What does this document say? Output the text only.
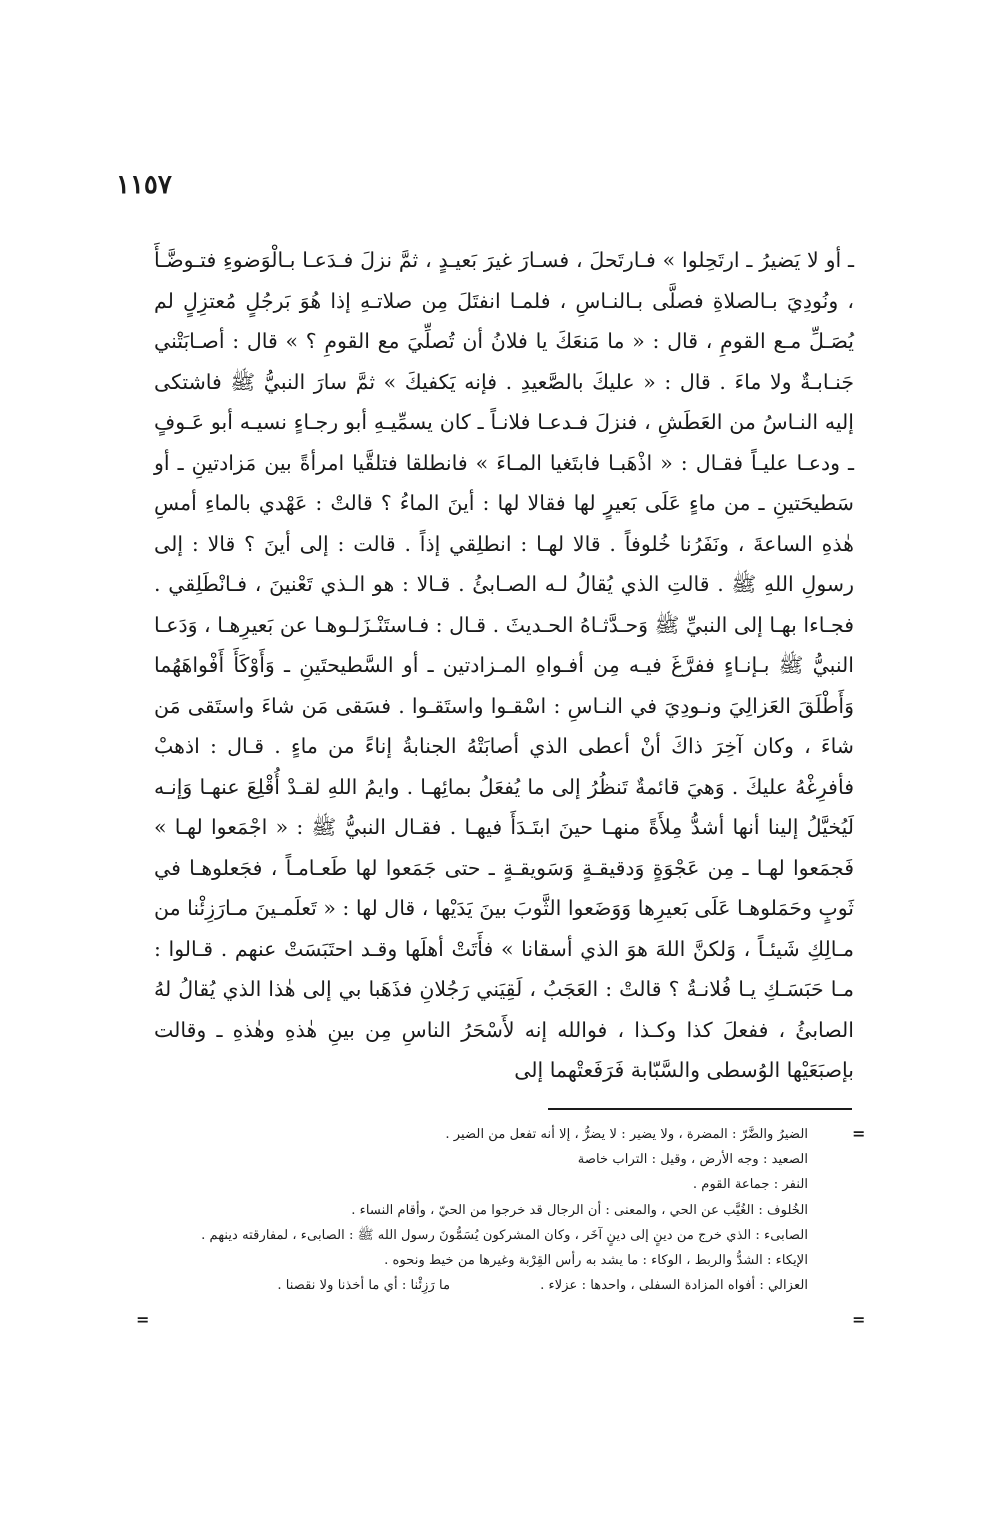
١١٥٧

ـ أو لا يَضيرُ ـ ارتَحِلوا » فـارتَحلَ ، فسـارَ غيرَ بَعيـدٍ ، ثمَّ نزلَ فـدَعـا بـالْوَضوءِ فتـوضَّـأَ ، ونُودِيَ بـالصلاةِ فصلَّى بـالنـاسِ ، فلمـا انفتَلَ مِن صلاتـهِ إذا هُوَ بَرجُلٍ مُعتزِلٍ لم يُصَـلِّ مـع القومِ ، قال : « ما مَنعَكَ يا فلانُ أن تُصلِّيَ مع القومِ ؟ » قال : أصـابَتْني جَنـابـةٌ ولا ماءَ . قال : « عليكَ بالصَّعيدِ . فإنه يَكفيكَ » ثمَّ سارَ النبيُّ ﷺ فاشتكى إليه النـاسُ من العَطَشِ ، فنزلَ فـدعـا فلانـاً ـ كان يسمِّيـهِ أبو رجـاءٍ نسيـه أبو عَـوفٍ ـ ودعـا عليـاً فقـال : « اذْهَبـا فابتَغيا المـاءَ » فانطلقا فتلقَّيا امرأةً بين مَزادتينِ ـ أو سَطيحَتينِ ـ من ماءٍ عَلَى بَعيرٍ لها فقالا لها : أينَ الماءُ ؟ قالتْ : عَهْدي بالماءِ أمسِ هٰذهِ الساعةَ ، ونَفَرُنا خُلوفاً . قالا لهـا : انطلِقي إذاً . قالت : إلى أينَ ؟ قالا : إلى رسولِ اللهِ ﷺ . قالتِ الذي يُقالُ لـه الصـابئُ . قـالا : هو الـذي تَعْنينَ ، فـانْطَلِقي . فجـاءا بهـا إلى النبيِّ ﷺ وَحـدَّثـاهُ الحـديثَ . قـال : فـاستَنْـزَلـوهـا عن بَعيرِهـا ، وَدَعـا النبيُّ ﷺ بـإنـاءٍ ففرَّغَ فيـه مِن أفـواهِ المـزادتين ـ أو السَّطيحتَينِ ـ وَأَوْكَأَ أَفْواهَهُما وَأَطْلَقَ العَزالِيَ ونـودِيَ في النـاسِ : اسْقـوا واستَقـوا . فسَقى مَن شاءَ واستَقى مَن شاءَ ، وكان آخِرَ ذاكَ أنْ أعطى الذي أصابَتْهُ الجنابةُ إناءً من ماءٍ . قـال : اذهبْ فأفرِغْهُ عليكَ . وَهيَ قائمةٌ تَنظُرُ إلى ما يُفعَلُ بمائِهـا . وايمُ اللهِ لقـدْ أُقْلِعَ عنهـا وَإنـه لَيُخيَّلُ إلينا أنها أشدُّ مِلأَةً منهـا حينَ ابتَـدَأَ فيهـا . فقـال النبيُّ ﷺ : « اجْمَعوا لهـا » فَجمَعوا لهـا ـ مِن عَجْوَةٍ وَدقيقـةٍ وَسَويقـةٍ ـ حتى جَمَعوا لها طَعـامـاً ، فجَعلوهـا في ثَوبٍ وحَمَلوهـا عَلَى بَعيرِها وَوَضَعوا الثَّوبَ بينَ يَدَيْها ، قال لها : « تَعلَمـينَ مـارَزِئْنا من مـالِكِ شَيئـاً ، وَلكنَّ اللهَ هوَ الذي أسقانا » فأَتَتْ أهلَها وقـد احتَبَسَتْ عنهم . قـالوا : مـا حَبَسَـكِ يـا فُلانـةُ ؟ قالتْ : العَجَبُ ، لَقِيَني رَجُلانِ فذَهَبا بي إلى هٰذا الذي يُقالُ لهُ الصابئُ ، ففعلَ كذا وكـذا ، فوالله إنه لأَسْحَرُ الناسِ مِن بينِ هٰذهِ وهٰذهِ ـ وقالت بإصبَعَيْها الوُسطى والسَّبّابة فَرَفَعتْهما إلى

=
الضيرُ والضَّرّ : المضرة ، ولا يضير : لا يضرُّ ، إلا أنه تفعل من الضير .
الصعيد : وجه الأرض ، وقيل : التراب خاصة
النفر : جماعة القوم .
الخُلوف : الغُيَّب عن الحي ، والمعنى : أن الرجال قد خرجوا من الحيّ ، وأقام النساء .
الصابىء : الذي خرج من دينٍ إلى دينٍ آخَر ، وكان المشركون يُسَمُّونَ رسول الله ﷺ : الصابىء ، لمفارقته دينهم .
الإيكاء : الشدُّ والربط ، الوكاء : ما يشد به رأس القِرْبة وغيرها من خيط ونحوه .
العزالي : أفواه المزادة السفلى ، واحدها : عزلاء .
ما رَزِئْنا : أي ما أخذنا ولا نقصنا .
=
=
